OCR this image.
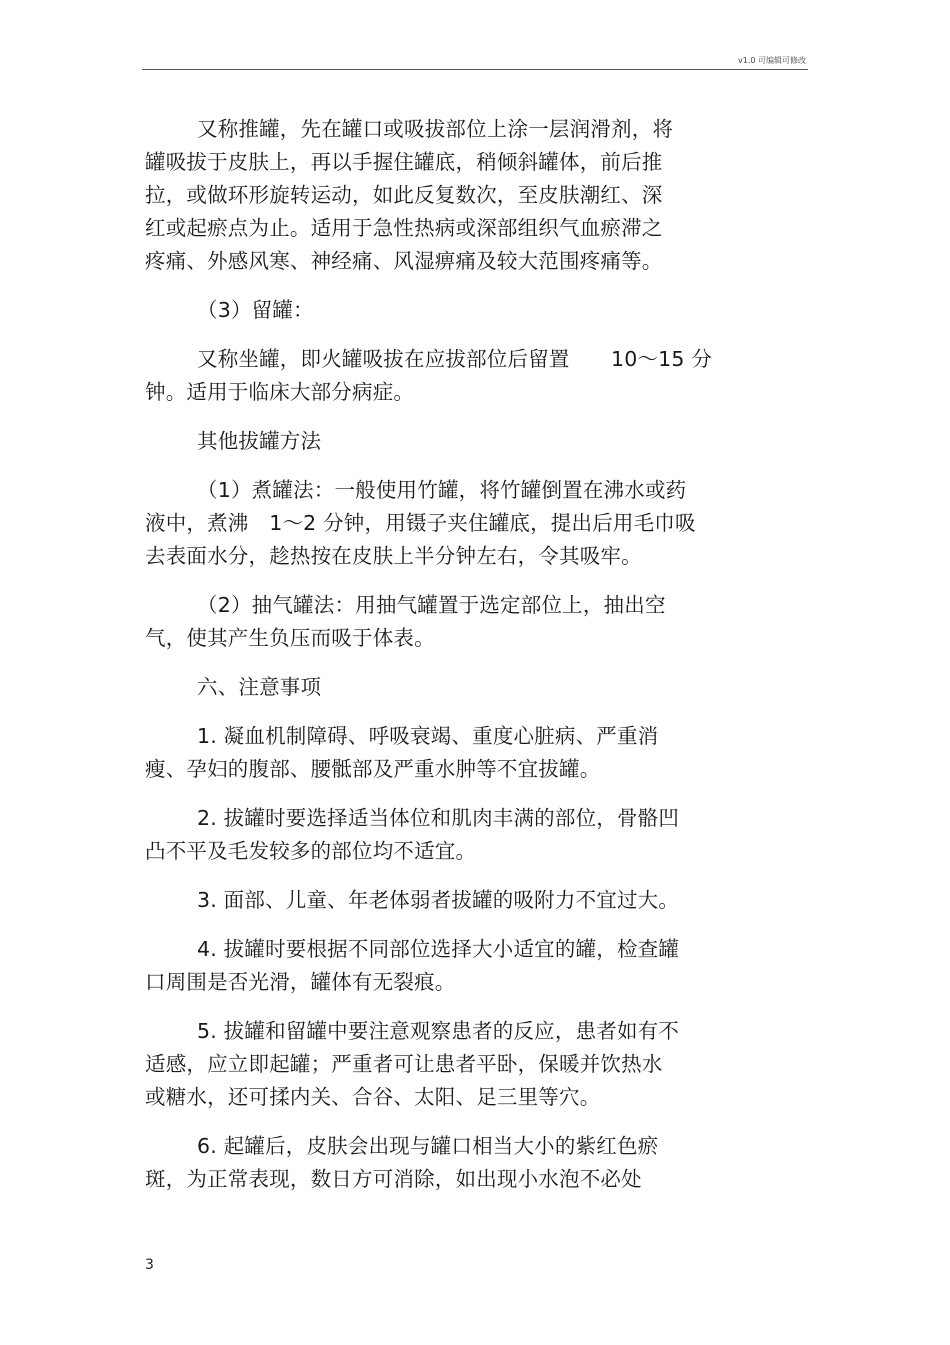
v1.0 可编辑可修改

又称推罐，先在罐口或吸拔部位上涂一层润滑剂，将
罐吸拔于皮肤上，再以手握住罐底，稍倾斜罐体，前后推
拉，或做环形旋转运动，如此反复数次，至皮肤潮红、深
红或起瘀点为止。适用于急性热病或深部组织气血瘀滞之
疼痛、外感风寒、神经痛、风湿痹痛及较大范围疼痛等。

（3）留罐：

又称坐罐，即火罐吸拔在应拔部位后留置　　10～15 分
钟。适用于临床大部分病症。

其他拔罐方法

（1）煮罐法：一般使用竹罐，将竹罐倒置在沸水或药
液中，煮沸　1～2 分钟，用镊子夹住罐底，提出后用毛巾吸
去表面水分，趁热按在皮肤上半分钟左右，令其吸牢。

（2）抽气罐法：用抽气罐置于选定部位上，抽出空
气，使其产生负压而吸于体表。

六、注意事项

1. 凝血机制障碍、呼吸衰竭、重度心脏病、严重消
瘦、孕妇的腹部、腰骶部及严重水肿等不宜拔罐。

2. 拔罐时要选择适当体位和肌肉丰满的部位，骨骼凹
凸不平及毛发较多的部位均不适宜。

3. 面部、儿童、年老体弱者拔罐的吸附力不宜过大。

4. 拔罐时要根据不同部位选择大小适宜的罐，检查罐
口周围是否光滑，罐体有无裂痕。

5. 拔罐和留罐中要注意观察患者的反应，患者如有不
适感，应立即起罐；严重者可让患者平卧，保暖并饮热水
或糖水，还可揉内关、合谷、太阳、足三里等穴。

6. 起罐后，皮肤会出现与罐口相当大小的紫红色瘀
斑，为正常表现，数日方可消除，如出现小水泡不必处

3
